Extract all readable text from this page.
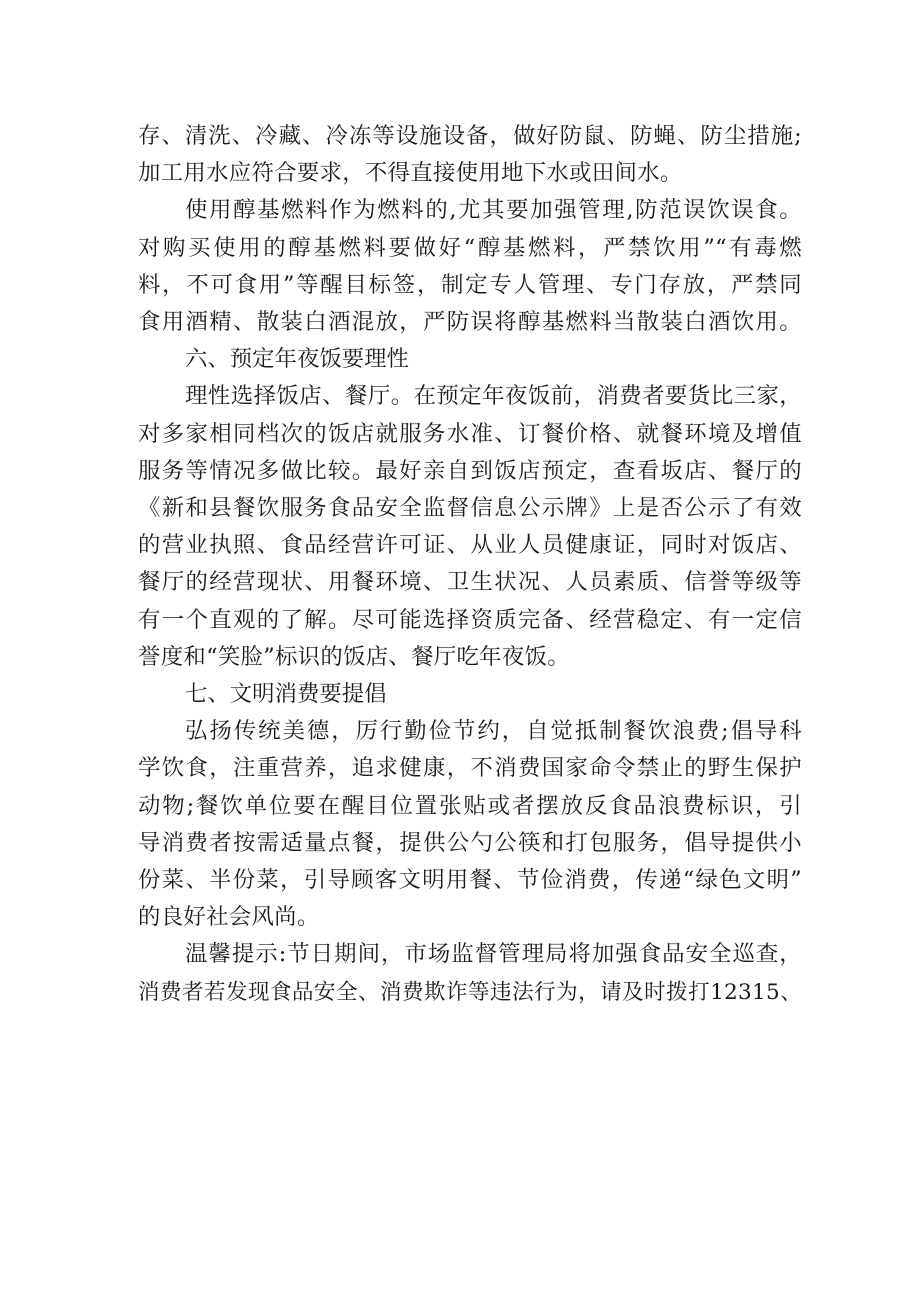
存、清洗、冷藏、冷冻等设施设备，做好防鼠、防蝇、防尘措施;
加工用水应符合要求，不得直接使用地下水或田间水。
使用醇基燃料作为燃料的,尤其要加强管理,防范误饮误食。
对购买使用的醇基燃料要做好“醇基燃料，严禁饮用”“有毒燃
料，不可食用”等醒目标签，制定专人管理、专门存放，严禁同
食用酒精、散装白酒混放，严防误将醇基燃料当散装白酒饮用。
六、预定年夜饭要理性
理性选择饭店、餐厅。在预定年夜饭前，消费者要货比三家，
对多家相同档次的饭店就服务水准、订餐价格、就餐环境及增值
服务等情况多做比较。最好亲自到饭店预定，查看坂店、餐厅的
《新和县餐饮服务食品安全监督信息公示牌》上是否公示了有效
的营业执照、食品经营许可证、从业人员健康证，同时对饭店、
餐厅的经营现状、用餐环境、卫生状况、人员素质、信誉等级等
有一个直观的了解。尽可能选择资质完备、经营稳定、有一定信
誉度和“笑脸”标识的饭店、餐厅吃年夜饭。
七、文明消费要提倡
弘扬传统美德，厉行勤俭节约，自觉抵制餐饮浪费;倡导科
学饮食，注重营养，追求健康，不消费国家命令禁止的野生保护
动物;餐饮单位要在醒目位置张贴或者摆放反食品浪费标识，引
导消费者按需适量点餐，提供公勺公筷和打包服务，倡导提供小
份菜、半份菜，引导顾客文明用餐、节俭消费，传递“绿色文明”
的良好社会风尚。
温馨提示:节日期间，市场监督管理局将加强食品安全巡查，
消费者若发现食品安全、消费欺诈等违法行为，请及时拨打12315、
